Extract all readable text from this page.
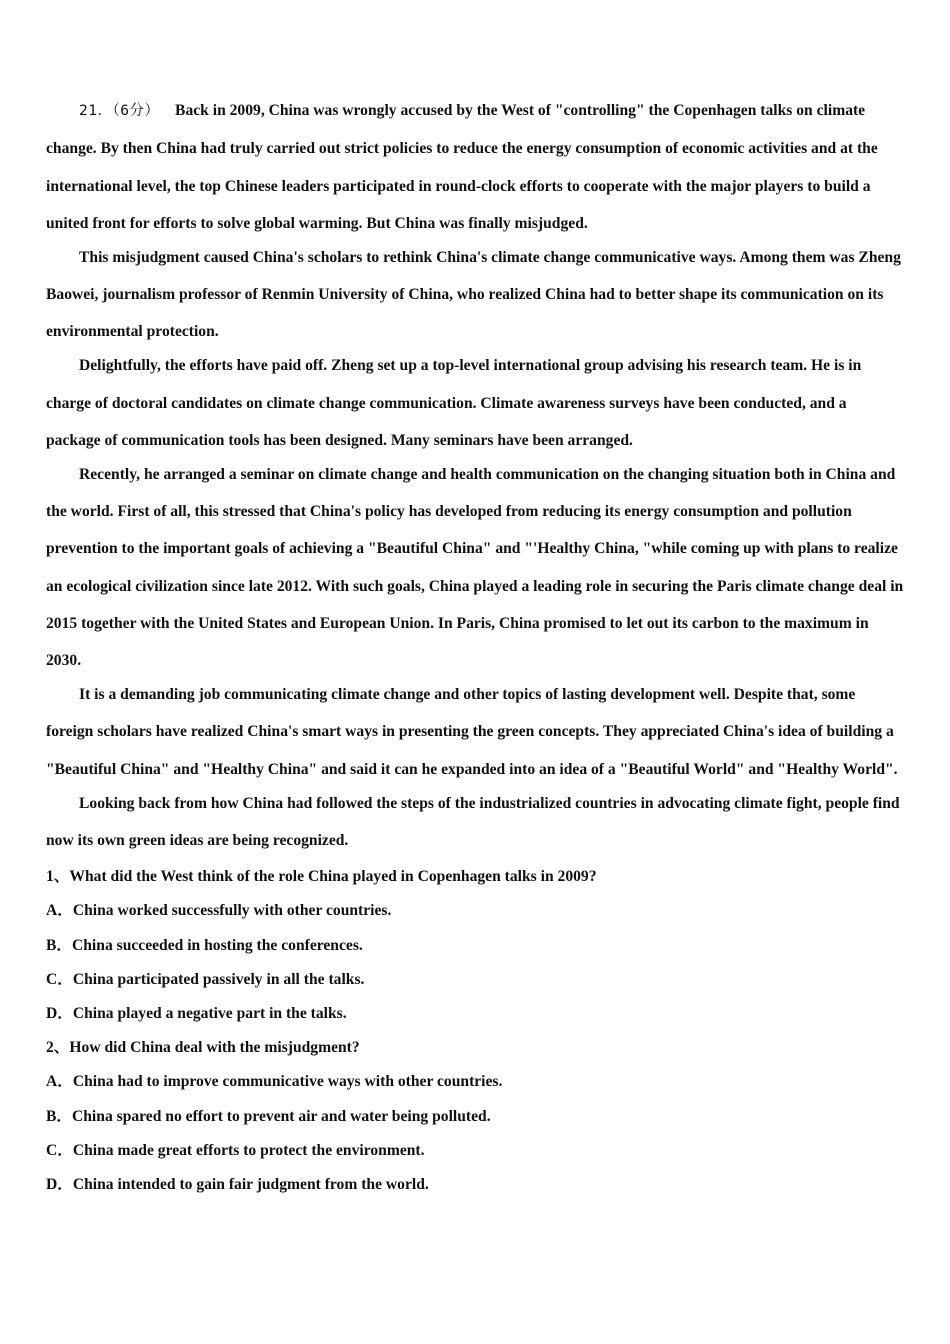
21．（6分） Back in 2009, China was wrongly accused by the West of "controlling" the Copenhagen talks on climate change. By then China had truly carried out strict policies to reduce the energy consumption of economic activities and at the international level, the top Chinese leaders participated in round-clock efforts to cooperate with the major players to build a united front for efforts to solve global warming. But China was finally misjudged.

This misjudgment caused China's scholars to rethink China's climate change communicative ways. Among them was Zheng Baowei, journalism professor of Renmin University of China, who realized China had to better shape its communication on its environmental protection.

Delightfully, the efforts have paid off. Zheng set up a top-level international group advising his research team. He is in charge of doctoral candidates on climate change communication. Climate awareness surveys have been conducted, and a package of communication tools has been designed. Many seminars have been arranged.

Recently, he arranged a seminar on climate change and health communication on the changing situation both in China and the world. First of all, this stressed that China's policy has developed from reducing its energy consumption and pollution prevention to the important goals of achieving a "Beautiful China" and "'Healthy China, "while coming up with plans to realize an ecological civilization since late 2012. With such goals, China played a leading role in securing the Paris climate change deal in 2015 together with the United States and European Union. In Paris, China promised to let out its carbon to the maximum in 2030.

It is a demanding job communicating climate change and other topics of lasting development well. Despite that, some foreign scholars have realized China's smart ways in presenting the green concepts. They appreciated China's idea of building a "Beautiful China" and "Healthy China" and said it can he expanded into an idea of a "Beautiful World" and "Healthy World".

Looking back from how China had followed the steps of the industrialized countries in advocating climate fight, people find now its own green ideas are being recognized.

1、What did the West think of the role China played in Copenhagen talks in 2009?

A．China worked successfully with other countries.

B．China succeeded in hosting the conferences.

C．China participated passively in all the talks.

D．China played a negative part in the talks.

2、How did China deal with the misjudgment?

A．China had to improve communicative ways with other countries.

B．China spared no effort to prevent air and water being polluted.

C．China made great efforts to protect the environment.

D．China intended to gain fair judgment from the world.
